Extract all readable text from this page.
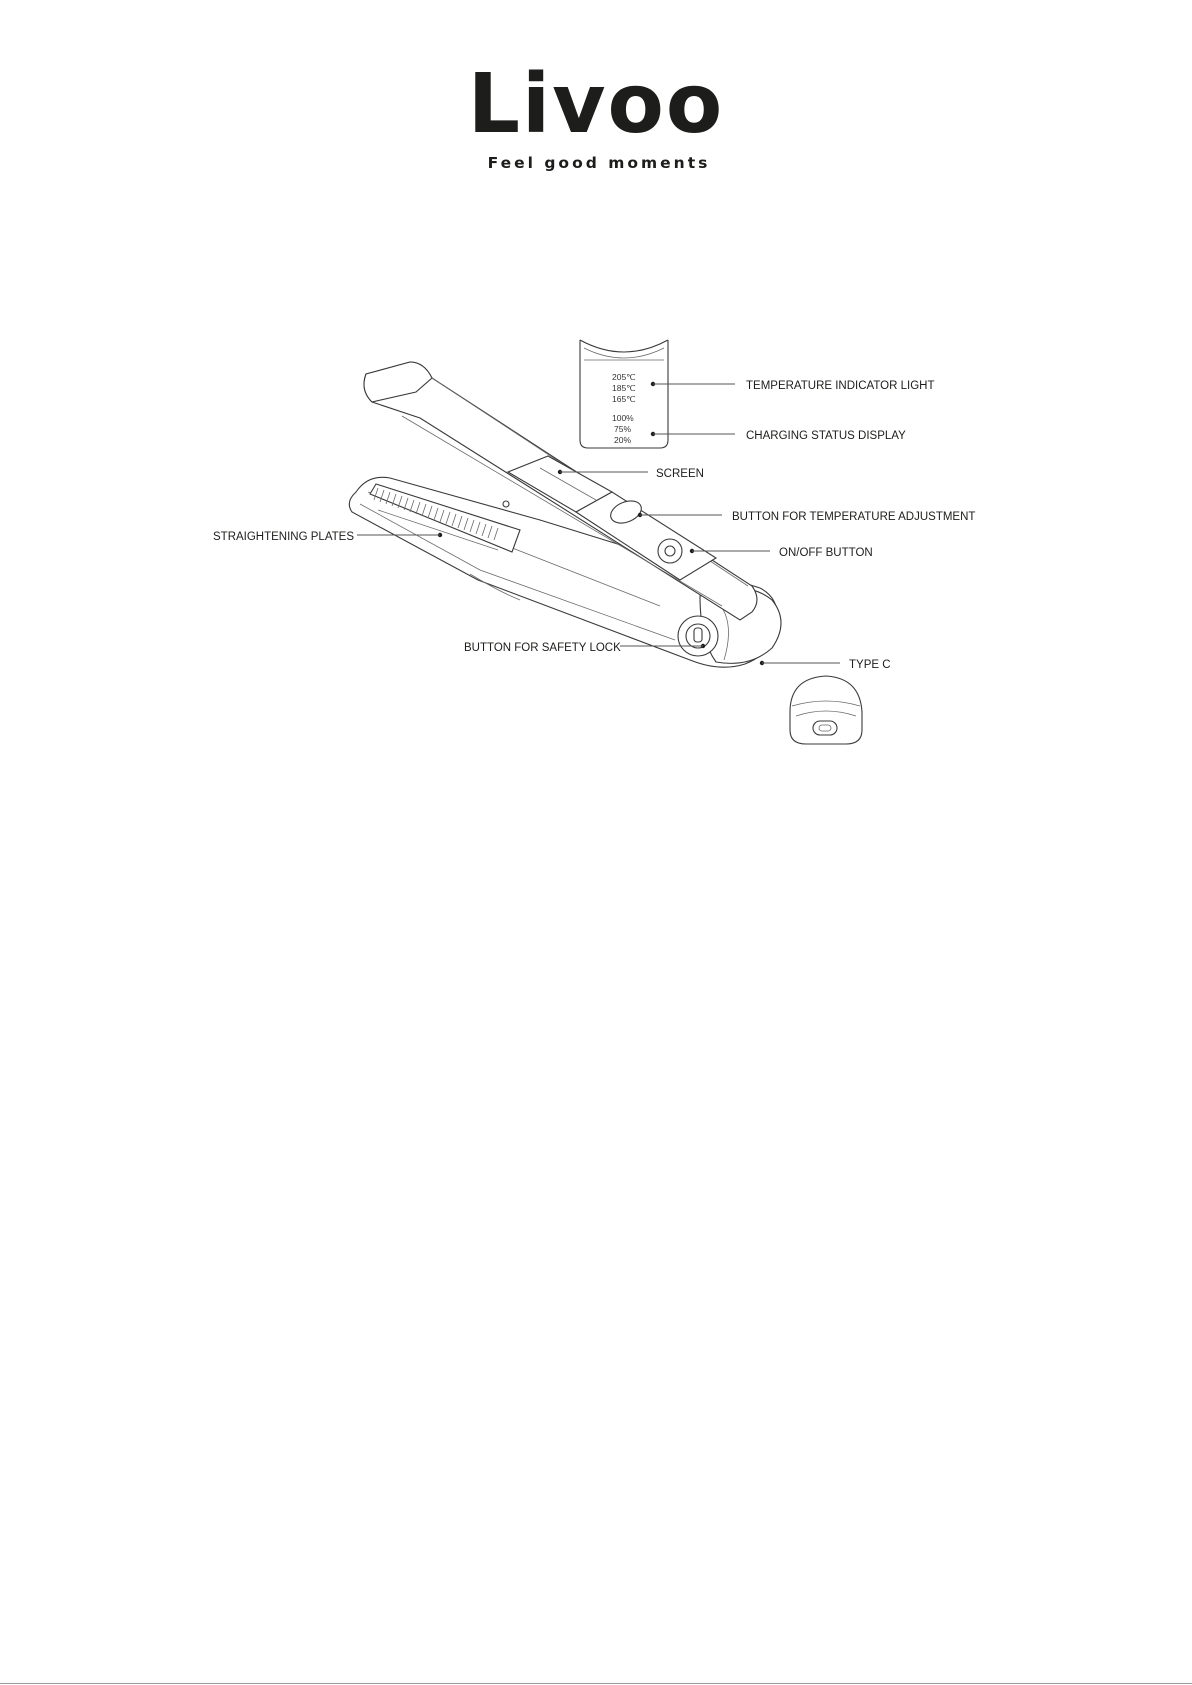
Livoo
Feel good moments
205℃
185℃
165℃
100%
75%
20%
TEMPERATURE INDICATOR LIGHT
CHARGING STATUS DISPLAY
SCREEN
BUTTON FOR TEMPERATURE ADJUSTMENT
ON/OFF BUTTON
STRAIGHTENING PLATES
BUTTON FOR SAFETY LOCK
TYPE C
